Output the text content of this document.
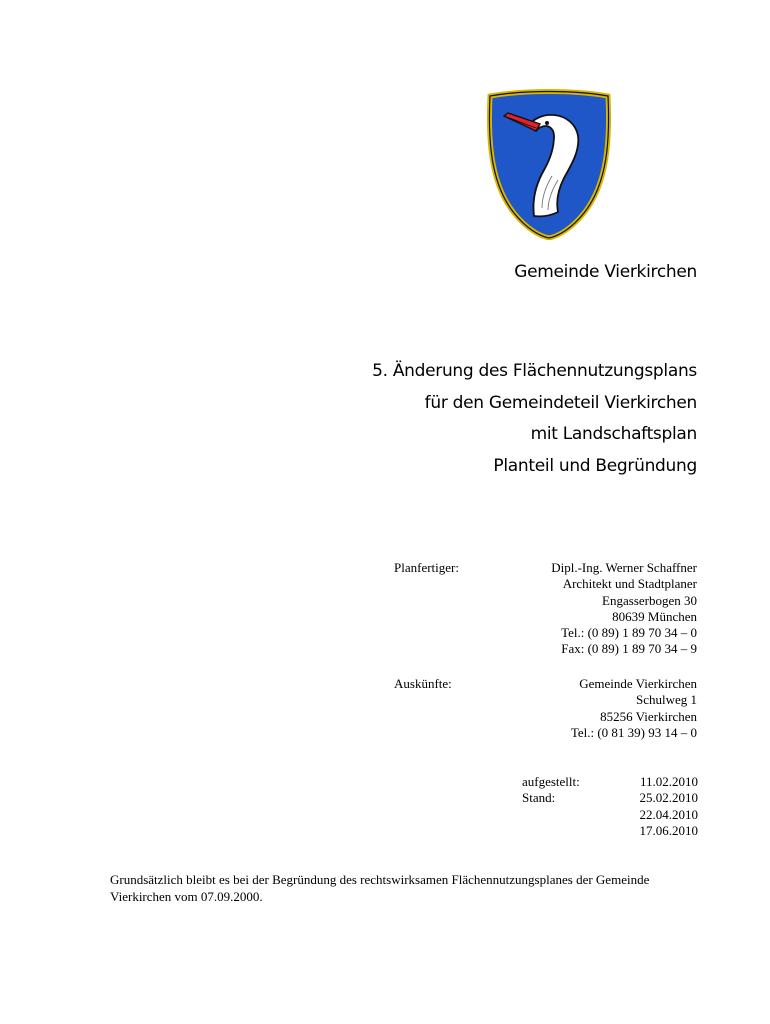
Gemeinde Vierkirchen
5. Änderung des Flächennutzungsplans
für den Gemeindeteil Vierkirchen
mit Landschaftsplan
Planteil und Begründung
Planfertiger:	Dipl.-Ing. Werner Schaffner
Architekt und Stadtplaner
Engasserbogen 30
80639 München
Tel.: (0 89) 1 89 70 34 – 0
Fax: (0 89) 1 89 70 34 – 9
Auskünfte:	Gemeinde Vierkirchen
Schulweg 1
85256 Vierkirchen
Tel.: (0 81 39) 93 14 – 0
aufgestellt:	11.02.2010
Stand:	25.02.2010
22.04.2010
17.06.2010

Grundsätzlich bleibt es bei der Begründung des rechtswirksamen Flächennutzungsplanes der Gemeinde Vierkirchen vom 07.09.2000.
